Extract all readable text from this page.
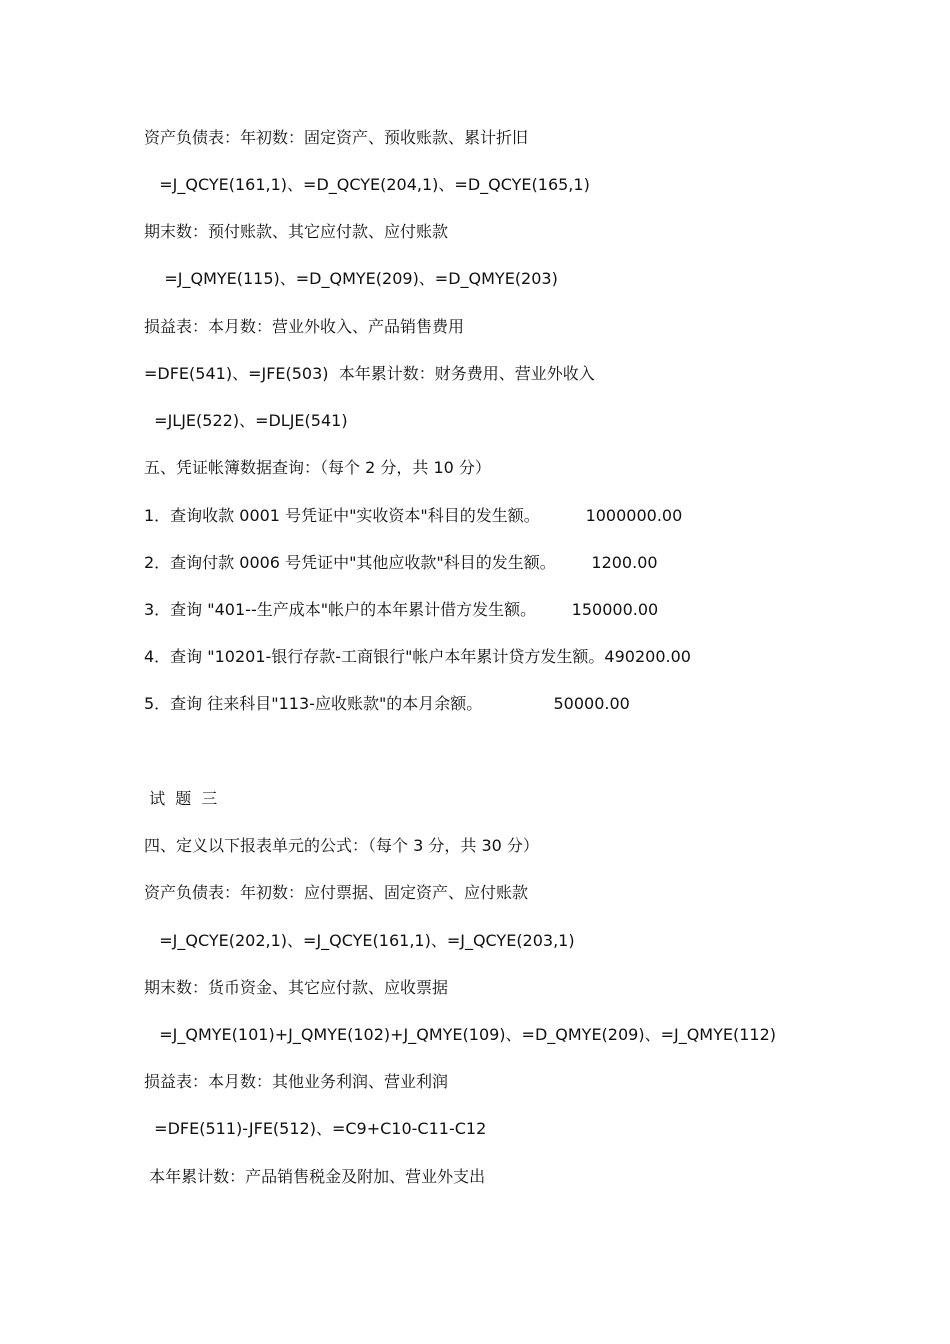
资产负债表：年初数：固定资产、预收账款、累计折旧
=J_QCYE(161,1)、=D_QCYE(204,1)、=D_QCYE(165,1)
期末数：预付账款、其它应付款、应付账款
=J_QMYE(115)、=D_QMYE(209)、=D_QMYE(203)
损益表：本月数：营业外收入、产品销售费用
=DFE(541)、=JFE(503)  本年累计数：财务费用、营业外收入
=JLJE(522)、=DLJE(541)
五、凭证帐簿数据查询：（每个 2 分，共 10 分）
1．查询收款 0001 号凭证中"实收资本"科目的发生额。         1000000.00
2．查询付款 0006 号凭证中"其他应收款"科目的发生额。       1200.00
3．查询 "401--生产成本"帐户的本年累计借方发生额。       150000.00
4．查询 "10201-银行存款-工商银行"帐户本年累计贷方发生额。490200.00
5．查询 往来科目"113-应收账款"的本月余额。              50000.00
试  题  三
四、定义以下报表单元的公式：（每个 3 分，共 30 分）
资产负债表：年初数：应付票据、固定资产、应付账款
=J_QCYE(202,1)、=J_QCYE(161,1)、=J_QCYE(203,1)
期末数：货币资金、其它应付款、应收票据
=J_QMYE(101)+J_QMYE(102)+J_QMYE(109)、=D_QMYE(209)、=J_QMYE(112)
损益表：本月数：其他业务利润、营业利润
=DFE(511)-JFE(512)、=C9+C10-C11-C12
本年累计数：产品销售税金及附加、营业外支出
